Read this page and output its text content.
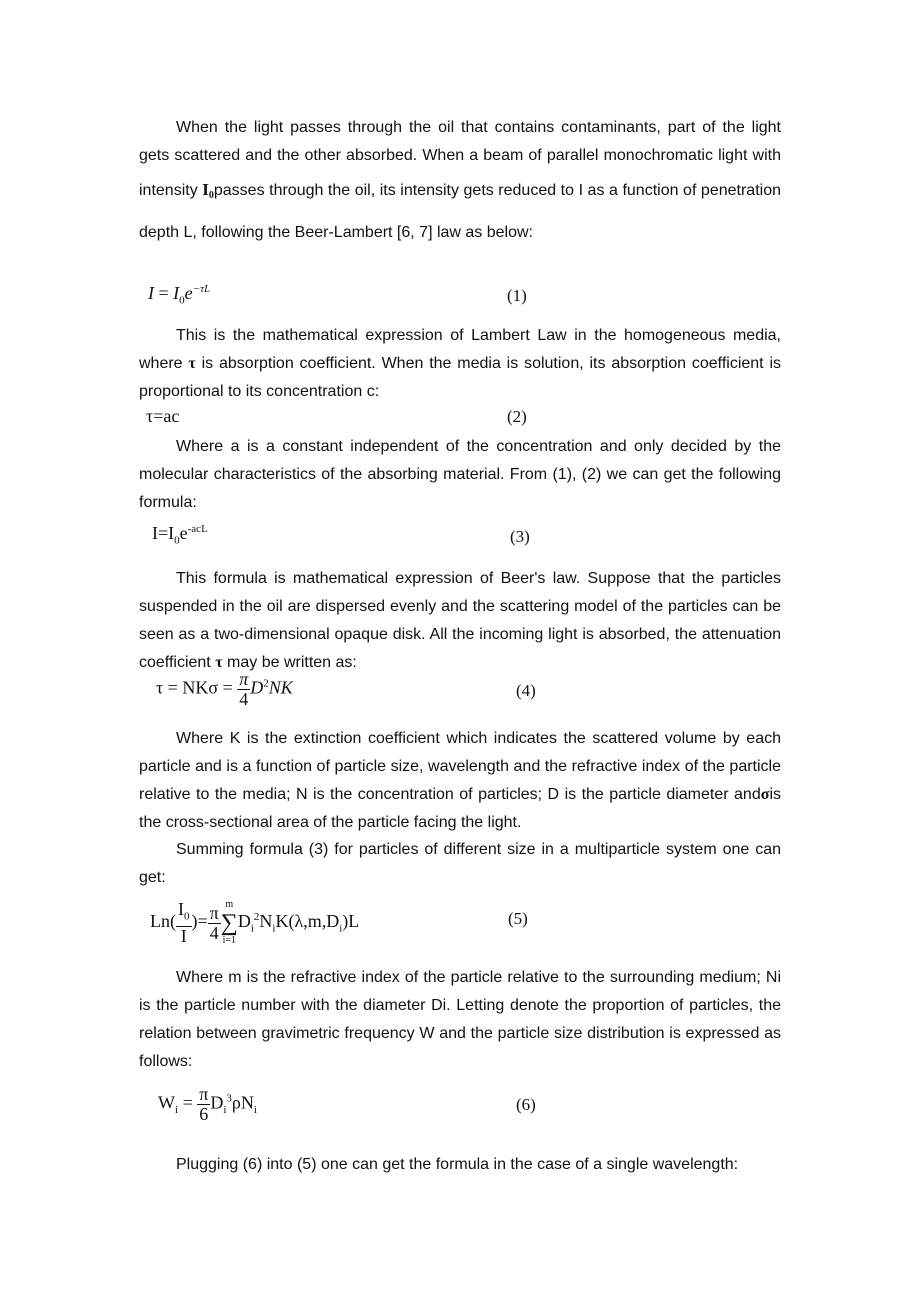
When the light passes through the oil that contains contaminants, part of the light gets scattered and the other absorbed. When a beam of parallel monochromatic light with intensity $I_0passes$ through the oil, its intensity gets reduced to I as a function of penetration depth L, following the Beer-Lambert [6, 7] law as below:

$I = I_0e^{-\tau L}$	(1)

This is the mathematical expression of Lambert Law in the homogeneous media, where τ is absorption coefficient. When the media is solution, its absorption coefficient is proportional to its concentration c:

τ=ac	(2)

Where a is a constant independent of the concentration and only decided by the molecular characteristics of the absorbing material. From (1), (2) we can get the following formula:

$I=I_0e^{-acL}$	(3)

This formula is mathematical expression of Beer's law. Suppose that the particles suspended in the oil are dispersed evenly and the scattering model of the particles can be seen as a two-dimensional opaque disk. All the incoming light is absorbed, the attenuation coefficient τ may be written as:

$\tau = NK\sigma = \frac{\pi}{4} D^2NK$	(4)

Where K is the extinction coefficient which indicates the scattered volume by each particle and is a function of particle size, wavelength and the refractive index of the particle relative to the media; N is the concentration of particles; D is the particle diameter andσis the cross-sectional area of the particle facing the light.

Summing formula (3) for particles of different size in a multiparticle system one can get:

$Ln( \frac{I_0}{I}$ )= $\frac{\pi}{4}$ m
∑
i=1
$D_i^2N_iK(\lambda,m,D_i)L$	(5)

Where m is the refractive index of the particle relative to the surrounding medium; Ni is the particle number with the diameter Di. Letting denote the proportion of particles, the relation between gravimetric frequency W and the particle size distribution is expressed as follows:

$W_i = \frac{\pi}{6} D_i^3\rho N_i$	(6)

Plugging (6) into (5) one can get the formula in the case of a single wavelength:
